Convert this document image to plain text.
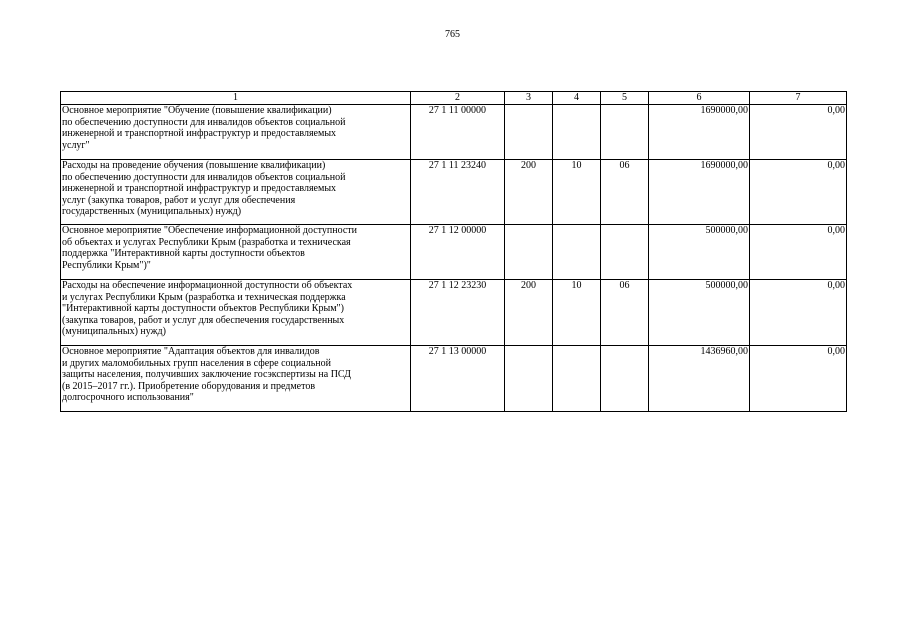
765
1	2	3	4	5	6	7
Основное мероприятие "Обучение (повышение квалификации)
по обеспечению доступности для инвалидов объектов социальной
инженерной и транспортной инфраструктур и предоставляемых
услуг"	27 1 11 00000				1690000,00	0,00
Расходы на проведение обучения (повышение квалификации)
по обеспечению доступности для инвалидов объектов социальной
инженерной и транспортной инфраструктур и предоставляемых
услуг (закупка товаров, работ и услуг для обеспечения
государственных (муниципальных) нужд)	27 1 11 23240	200	10	06	1690000,00	0,00
Основное мероприятие "Обеспечение информационной доступности
об объектах и услугах Республики Крым (разработка и техническая
поддержка "Интерактивной карты доступности объектов
Республики Крым")"	27 1 12 00000				500000,00	0,00
Расходы на обеспечение информационной доступности об объектах
и услугах Республики Крым (разработка и техническая поддержка
"Интерактивной карты доступности объектов Республики Крым")
(закупка товаров, работ и услуг для обеспечения государственных
(муниципальных) нужд)	27 1 12 23230	200	10	06	500000,00	0,00
Основное мероприятие "Адаптация объектов для инвалидов
и других маломобильных групп населения в сфере социальной
защиты населения, получивших заключение госэкспертизы на ПСД
(в 2015–2017 гг.). Приобретение оборудования и предметов
долгосрочного использования"	27 1 13 00000				1436960,00	0,00
